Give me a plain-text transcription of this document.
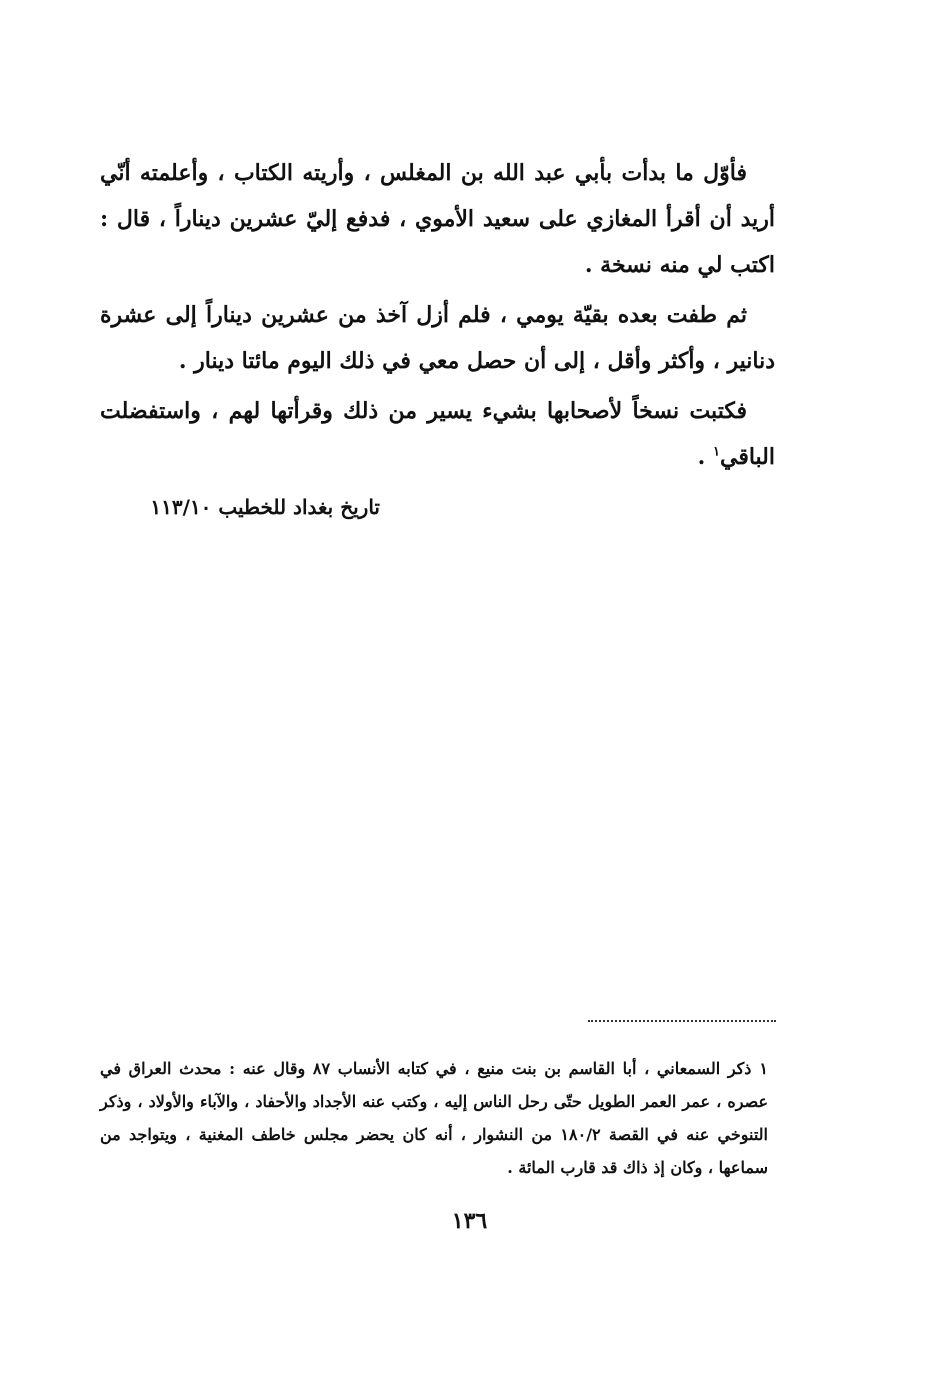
فأوّل ما بدأت بأبي عبد الله بن المغلس ، وأريته الكتاب ، وأعلمته أنّي أريد أن أقرأ المغازي على سعيد الأموي ، فدفع إليّ عشرين ديناراً ، قال : اكتب لي منه نسخة .

ثم طفت بعده بقيّة يومي ، فلم أزل آخذ من عشرين ديناراً إلى عشرة دنانير ، وأكثر وأقل ، إلى أن حصل معي في ذلك اليوم مائتا دينار .

فكتبت نسخاً لأصحابها بشيء يسير من ذلك وقرأتها لهم ، واستفضلت الباقي$^١$ .

تاريخ بغداد للخطيب ١١٣/١٠

١ذكر السمعاني ، أبا القاسم بن بنت منيع ، في كتابه الأنساب ٨٧ وقال عنه : محدث العراق في عصره ، عمر العمر الطويل حتّى رحل الناس إليه ، وكتب عنه الأجداد والأحفاد ، والآباء والأولاد ، وذكر التنوخي عنه في القصة ١٨٠/٢ من النشوار ، أنه كان يحضر مجلس خاطف المغنية ، ويتواجد من سماعها ، وكان إذ ذاك قد قارب المائة .

١٣٦
